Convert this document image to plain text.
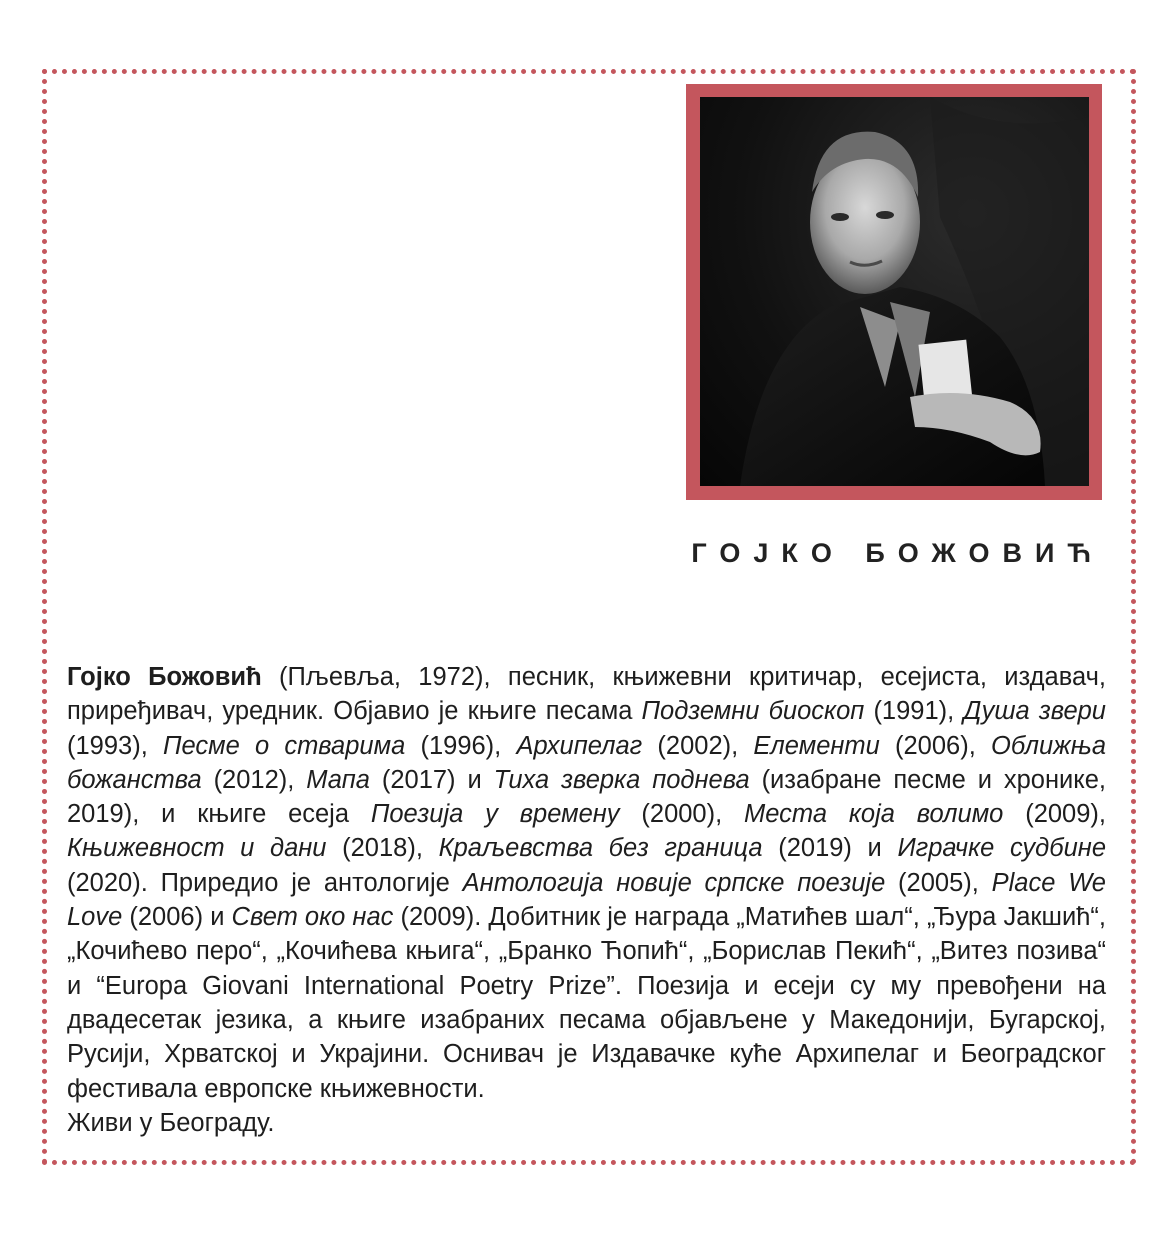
ГОЈКО БОЖОВИЋ
Гојко Божовић (Пљевља, 1972), песник, књижевни критичар, есејиста, издавач, приређивач, уредник. Објавио је књиге песама Подземни биоскоп (1991), Душа звери (1993), Песме о стварима (1996), Архипелаг (2002), Елементи (2006), Оближња божанства (2012), Мапа (2017) и Тиха зверка поднева (изабране песме и хронике, 2019), и књиге есеја Поезија у времену (2000), Места која волимо (2009), Књижевност и дани (2018), Краљевства без граница (2019) и Играчке судбине (2020). Приредио је антологије Антологија новије српске поезије (2005), Place We Love (2006) и Свет око нас (2009). Добитник је награда „Матићев шал“, „Ђура Јакшић“, „Кочићево перо“, „Кочићева књига“, „Бранко Ћопић“, „Борислав Пекић“, „Витез позива“ и “Europa Giovani International Poetry Prize”. Поезија и есеји су му превођени на двадесетак језика, а књиге изабраних песама објављене у Македонији, Бугарској, Русији, Хрватској и Украјини. Оснивач је Издавачке куће Архипелаг и Београдског фестивала европске књижевности.
Живи у Београду.
